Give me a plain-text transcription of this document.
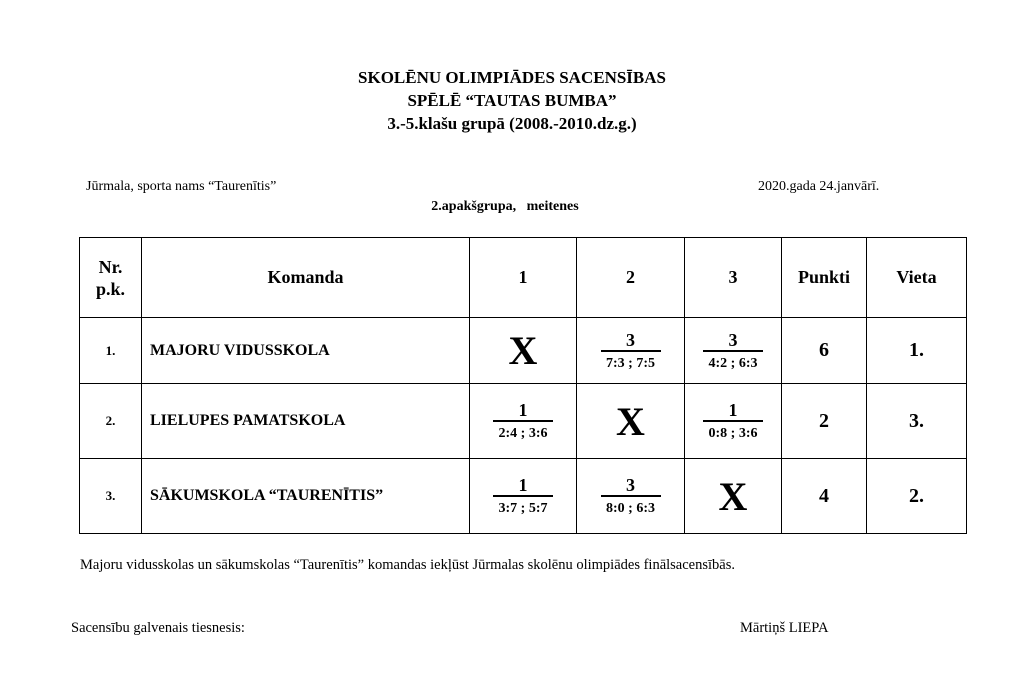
SKOLĒNU OLIMPIĀDES SACENSĪBAS
SPĒLĒ “TAUTAS BUMBA”
3.-5.klašu grupā (2008.-2010.dz.g.)
Jūrmala, sporta nams “Taurenītis”	2020.gada 24.janvārī.
2.apakšgrupa,   meitenes
Nr.
p.k.	Komanda	1	2	3	Punkti	Vieta
1.	MAJORU VIDUSSKOLA	X	$\frac{3}{7:3 ; 7:5}$	$\frac{3}{4:2 ; 6:3}$	6	1.
2.	LIELUPES PAMATSKOLA	$\frac{1}{2:4 ; 3:6}$	X	$\frac{1}{0:8 ; 3:6}$	2	3.
3.	SĀKUMSKOLA “TAURENĪTIS”	$\frac{1}{3:7 ; 5:7}$	$\frac{3}{8:0 ; 6:3}$	X	4	2.
Majoru vidusskolas un sākumskolas “Taurenītis” komandas iekļūst Jūrmalas skolēnu olimpiādes finālsacensībās.
Sacensību galvenais tiesnesis:	Mārtiņš LIEPA
